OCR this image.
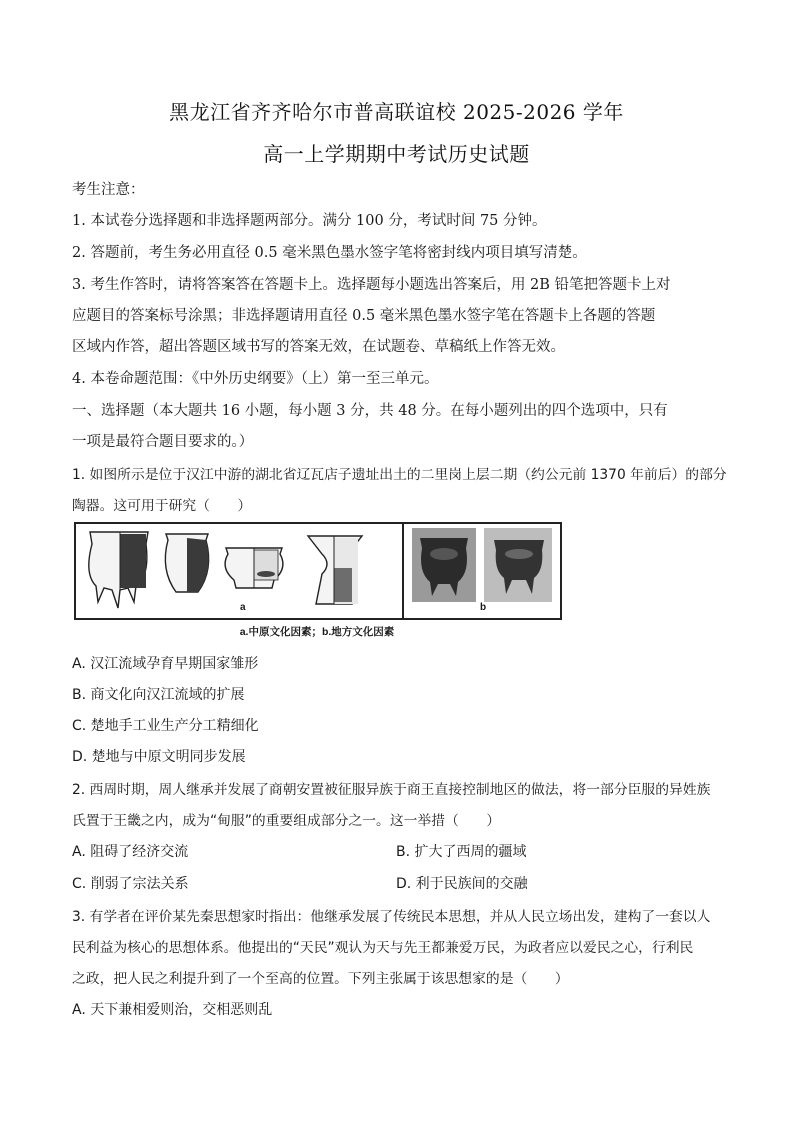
黑龙江省齐齐哈尔市普高联谊校 2025-2026 学年
高一上学期期中考试历史试题
考生注意：
1. 本试卷分选择题和非选择题两部分。满分 100 分，考试时间 75 分钟。
2. 答题前，考生务必用直径 0.5 毫米黑色墨水签字笔将密封线内项目填写清楚。
3. 考生作答时，请将答案答在答题卡上。选择题每小题选出答案后，用 2B 铅笔把答题卡上对
应题目的答案标号涂黑；非选择题请用直径 0.5 毫米黑色墨水签字笔在答题卡上各题的答题
区域内作答，超出答题区域书写的答案无效，在试题卷、草稿纸上作答无效。
4. 本卷命题范围：《中外历史纲要》（上）第一至三单元。
一、选择题（本大题共 16 小题，每小题 3 分，共 48 分。在每小题列出的四个选项中，只有
一项是最符合题目要求的。）
1. 如图所示是位于汉江中游的湖北省辽瓦店子遗址出土的二里岗上层二期（约公元前 1370 年前后）的部分
陶器。这可用于研究（　　）
a	b
a.中原文化因素；b.地方文化因素
A. 汉江流域孕育早期国家雏形
B. 商文化向汉江流域的扩展
C. 楚地手工业生产分工精细化
D. 楚地与中原文明同步发展
2. 西周时期，周人继承并发展了商朝安置被征服异族于商王直接控制地区的做法，将一部分臣服的异姓族
氏置于王畿之内，成为“甸服”的重要组成部分之一。这一举措（　　）
A. 阻碍了经济交流	B. 扩大了西周的疆域
C. 削弱了宗法关系	D. 利于民族间的交融
3. 有学者在评价某先秦思想家时指出：他继承发展了传统民本思想，并从人民立场出发，建构了一套以人
民利益为核心的思想体系。他提出的“天民”观认为天与先王都兼爱万民，为政者应以爱民之心，行利民
之政，把人民之利提升到了一个至高的位置。下列主张属于该思想家的是（　　）
A. 天下兼相爱则治，交相恶则乱
